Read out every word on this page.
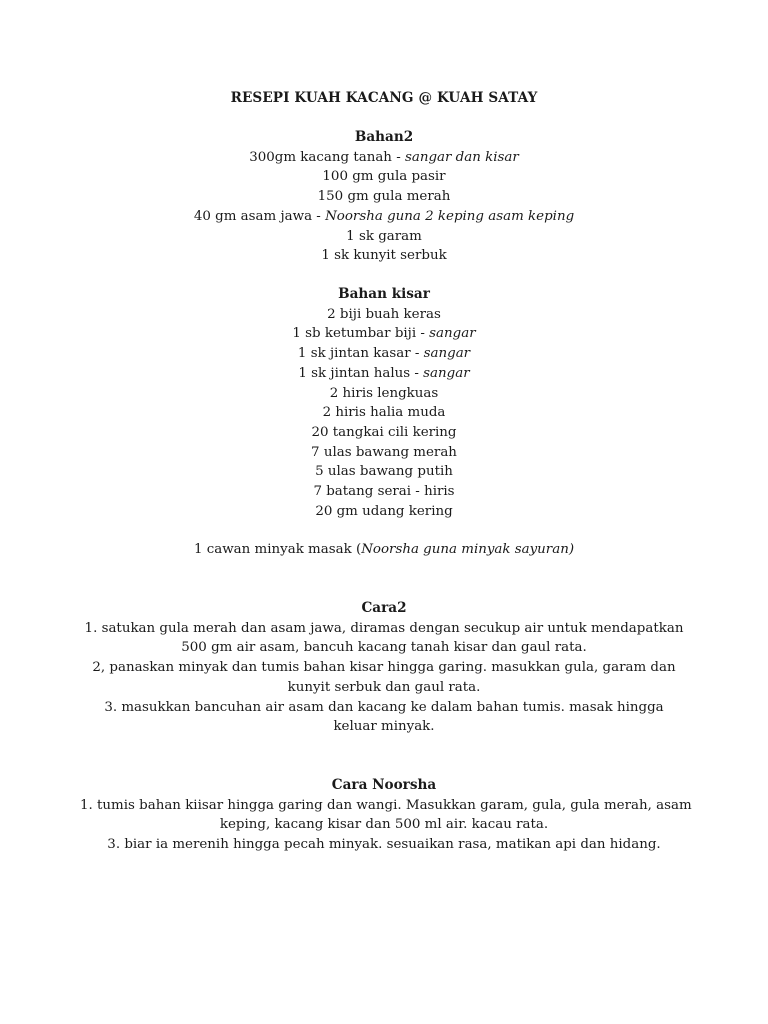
RESEPI KUAH KACANG @ KUAH SATAY
Bahan2
300gm kacang tanah - sangar dan kisar
100 gm gula pasir
150 gm gula merah
40 gm asam jawa - Noorsha guna 2 keping asam keping
1 sk garam
1 sk kunyit serbuk
Bahan kisar
2 biji buah keras
1 sb ketumbar biji - sangar
1 sk jintan kasar - sangar
1 sk jintan halus - sangar
2 hiris lengkuas
2 hiris halia muda
20 tangkai cili kering
7 ulas bawang merah
5 ulas bawang putih
7 batang serai - hiris
20 gm udang kering
1 cawan minyak masak (Noorsha guna minyak sayuran)
Cara2
1. satukan gula merah dan asam jawa, diramas dengan secukup air untuk mendapatkan
500 gm air asam, bancuh kacang tanah kisar dan gaul rata.
2, panaskan minyak dan tumis bahan kisar hingga garing. masukkan gula, garam dan
kunyit serbuk dan gaul rata.
3. masukkan bancuhan air asam dan kacang ke dalam bahan tumis. masak hingga
keluar minyak.
Cara Noorsha
1. tumis bahan kiisar hingga garing dan wangi. Masukkan garam, gula, gula merah, asam
keping, kacang kisar dan 500 ml air. kacau rata.
3. biar ia merenih hingga pecah minyak. sesuaikan rasa, matikan api dan hidang.
